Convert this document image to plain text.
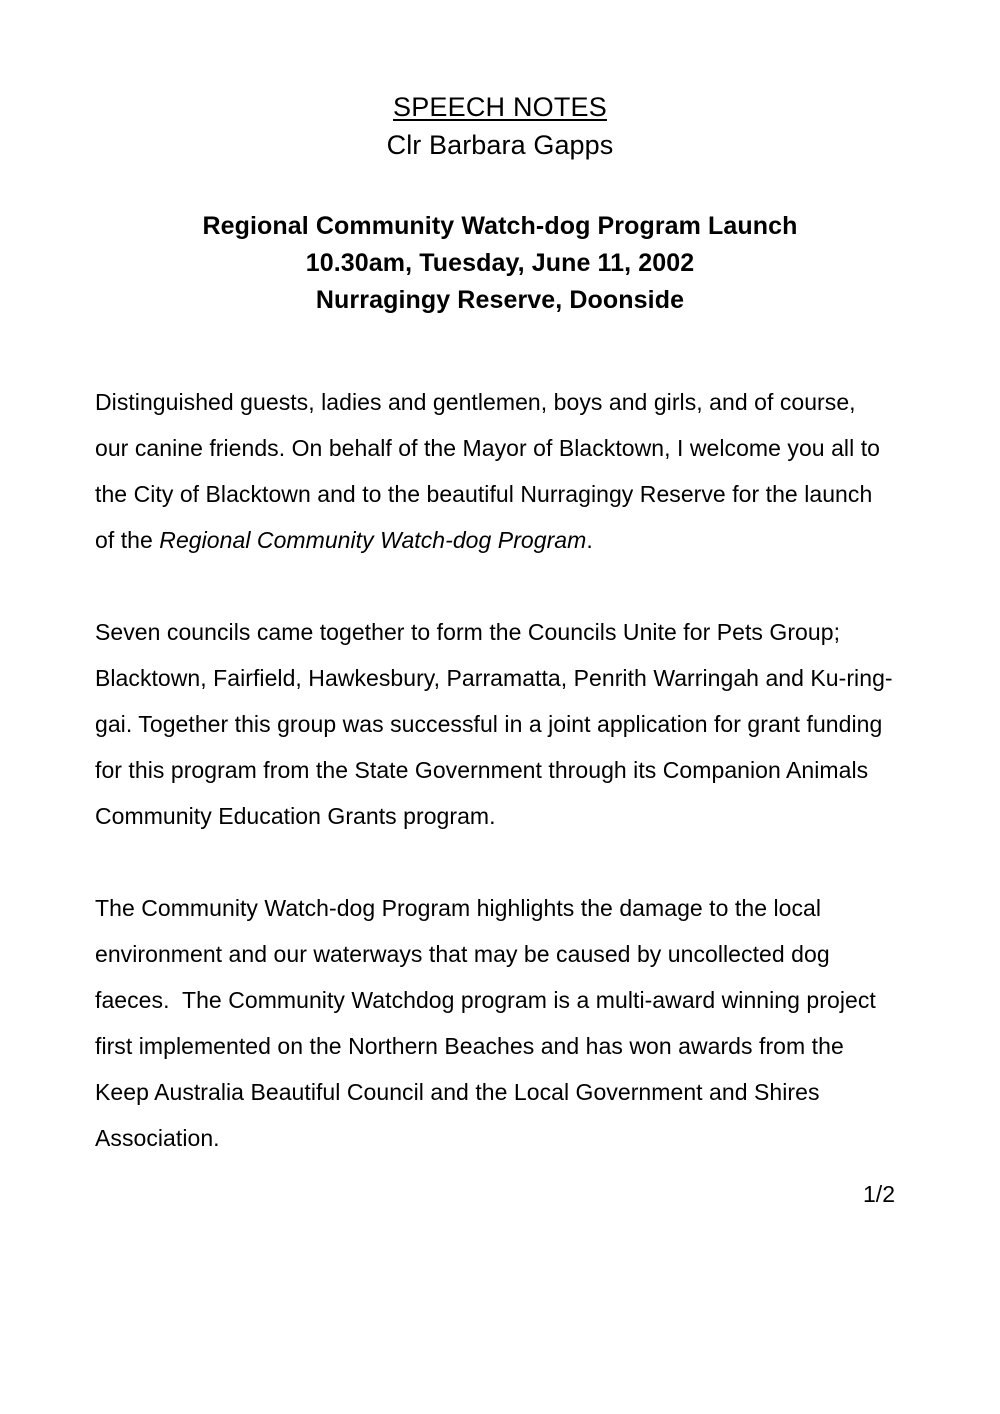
SPEECH NOTES
Clr Barbara Gapps
Regional Community Watch-dog Program Launch
10.30am, Tuesday, June 11, 2002
Nurragingy Reserve, Doonside

Distinguished guests, ladies and gentlemen, boys and girls, and of course, our canine friends. On behalf of the Mayor of Blacktown, I welcome you all to the City of Blacktown and to the beautiful Nurragingy Reserve for the launch of the Regional Community Watch-dog Program.

Seven councils came together to form the Councils Unite for Pets Group; Blacktown, Fairfield, Hawkesbury, Parramatta, Penrith Warringah and Ku-ring-gai. Together this group was successful in a joint application for grant funding for this program from the State Government through its Companion Animals Community Education Grants program.

The Community Watch-dog Program highlights the damage to the local environment and our waterways that may be caused by uncollected dog faeces.  The Community Watchdog program is a multi-award winning project first implemented on the Northern Beaches and has won awards from the Keep Australia Beautiful Council and the Local Government and Shires Association.

1/2
